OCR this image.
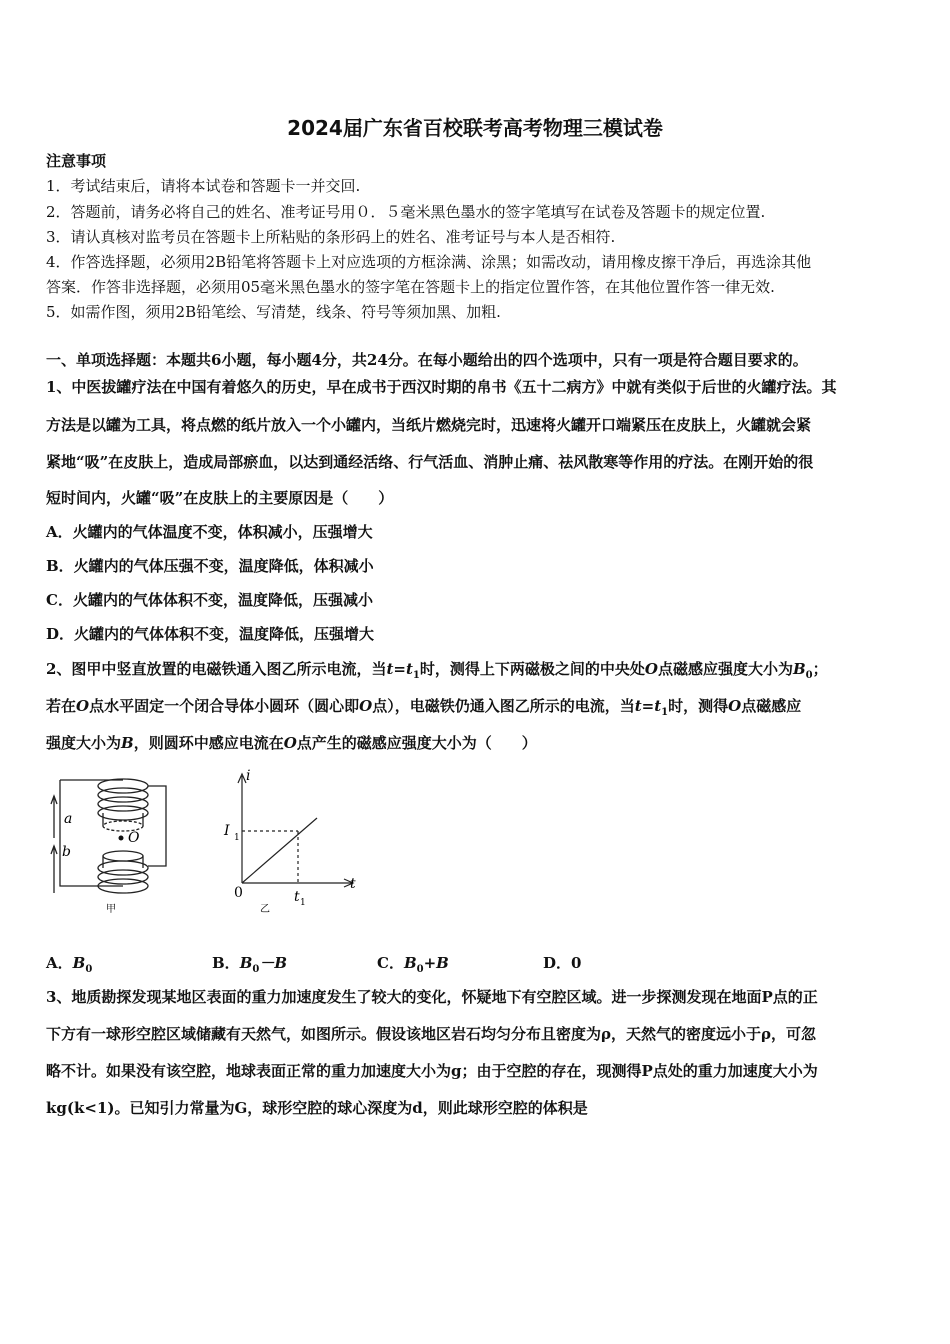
2024届广东省百校联考高考物理三模试卷
注意事项
1．考试结束后，请将本试卷和答题卡一并交回.
2．答题前，请务必将自己的姓名、准考证号用０．５毫米黑色墨水的签字笔填写在试卷及答题卡的规定位置.
3．请认真核对监考员在答题卡上所粘贴的条形码上的姓名、准考证号与本人是否相符.
4．作答选择题，必须用2B铅笔将答题卡上对应选项的方框涂满、涂黑；如需改动，请用橡皮擦干净后，再选涂其他
答案．作答非选择题，必须用05毫米黑色墨水的签字笔在答题卡上的指定位置作答，在其他位置作答一律无效.
5．如需作图，须用2B铅笔绘、写清楚，线条、符号等须加黑、加粗.
一、单项选择题：本题共6小题，每小题4分，共24分。在每小题给出的四个选项中，只有一项是符合题目要求的。
1、中医拔罐疗法在中国有着悠久的历史，早在成书于西汉时期的帛书《五十二病方》中就有类似于后世的火罐疗法。其
方法是以罐为工具，将点燃的纸片放入一个小罐内，当纸片燃烧完时，迅速将火罐开口端紧压在皮肤上，火罐就会紧
紧地“吸”在皮肤上，造成局部瘀血，以达到通经活络、行气活血、消肿止痛、祛风散寒等作用的疗法。在刚开始的很
短时间内，火罐“吸”在皮肤上的主要原因是（　　）
A．火罐内的气体温度不变，体积减小，压强增大
B．火罐内的气体压强不变，温度降低，体积减小
C．火罐内的气体体积不变，温度降低，压强减小
D．火罐内的气体体积不变，温度降低，压强增大
2、图甲中竖直放置的电磁铁通入图乙所示电流，当$t=t_1$时，测得上下两磁极之间的中央处O点磁感应强度大小为$B_0$；
若在O点水平固定一个闭合导体小圆环（圆心即O点），电磁铁仍通入图乙所示的电流，当$t=t_1$时，测得O点磁感应
强度大小为B，则圆环中感应电流在O点产生的磁感应强度大小为（　　）
a
b
O
甲
i
I 1
t
t 1
0
乙
A．$B_0$	B．$B_0-B$	C．$B_0+B$	D．0
3、地质勘探发现某地区表面的重力加速度发生了较大的变化，怀疑地下有空腔区域。进一步探测发现在地面P点的正
下方有一球形空腔区域储藏有天然气，如图所示。假设该地区岩石均匀分布且密度为ρ，天然气的密度远小于ρ，可忽
略不计。如果没有该空腔，地球表面正常的重力加速度大小为g；由于空腔的存在，现测得P点处的重力加速度大小为
kg(k<1)。已知引力常量为G，球形空腔的球心深度为d，则此球形空腔的体积是
